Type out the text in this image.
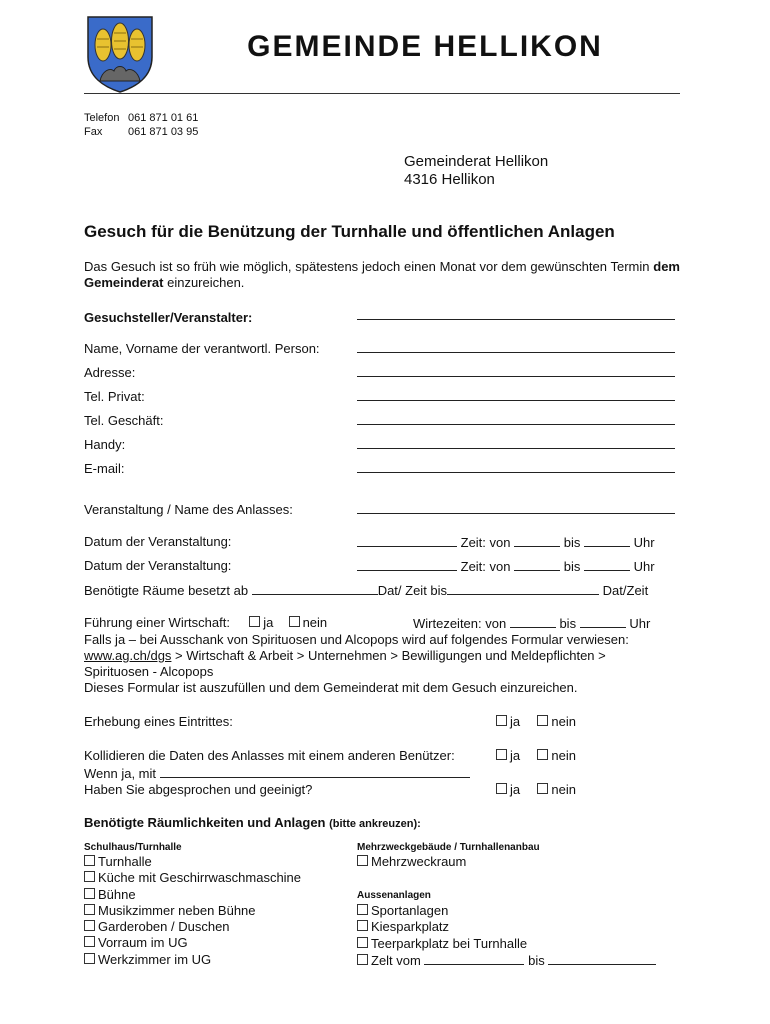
GEMEINDE HELLIKON
Telefon 061 871 01 61
Fax 061 871 03 95
Gemeinderat Hellikon
4316 Hellikon
Gesuch für die Benützung der Turnhalle und öffentlichen Anlagen
Das Gesuch ist so früh wie möglich, spätestens jedoch einen Monat vor dem gewünschten Termin dem Gemeinderat einzureichen.
Gesuchsteller/Veranstalter:
Name, Vorname der verantwortl. Person:
Adresse:
Tel. Privat:
Tel. Geschäft:
Handy:
E-mail:
Veranstaltung / Name des Anlasses:
Datum der Veranstaltung:	Zeit: von	bis	Uhr
Datum der Veranstaltung:	Zeit: von	bis	Uhr
Benötigte Räume besetzt ab	Dat/ Zeit bis	Dat/Zeit
Führung einer Wirtschaft:	ja nein	Wirtezeiten: von	bis	Uhr
Falls ja – bei Ausschank von Spirituosen und Alcopops wird auf folgendes Formular verwiesen:
www.ag.ch/dgs > Wirtschaft & Arbeit > Unternehmen > Bewilligungen und Meldepflichten >
Spirituosen - Alcopops
Dieses Formular ist auszufüllen und dem Gemeinderat mit dem Gesuch einzureichen.
Erhebung eines Eintrittes:	ja nein
Kollidieren die Daten des Anlasses mit einem anderen Benützer:	ja nein
Wenn ja, mit
Haben Sie abgesprochen und geeinigt?	ja nein
Benötigte Räumlichkeiten und Anlagen (bitte ankreuzen):
Schulhaus/Turnhalle
Turnhalle
Küche mit Geschirrwaschmaschine
Bühne
Musikzimmer neben Bühne
Garderoben / Duschen
Vorraum im UG
Werkzimmer im UG
Mehrzweckgebäude / Turnhallenanbau
Mehrzweckraum
Aussenanlagen
Sportanlagen
Kiesparkplatz
Teerparkplatz bei Turnhalle
Zelt vom	bis
